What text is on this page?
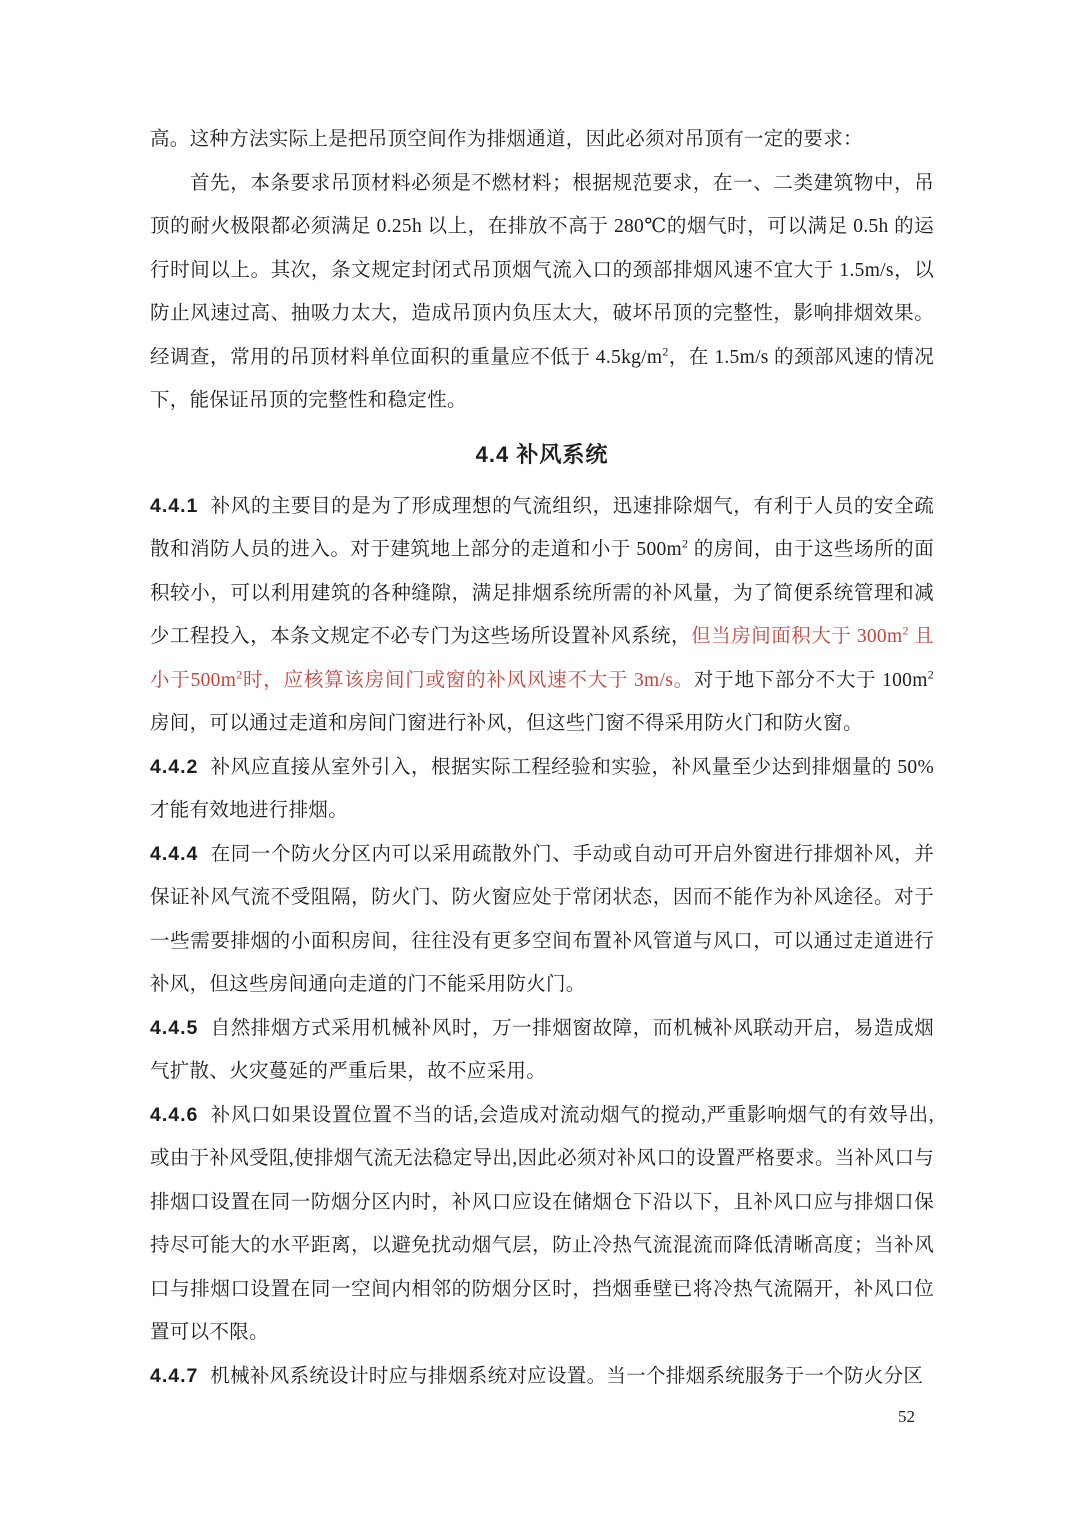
高。这种方法实际上是把吊顶空间作为排烟通道，因此必须对吊顶有一定的要求：

首先，本条要求吊顶材料必须是不燃材料；根据规范要求，在一、二类建筑物中，吊顶的耐火极限都必须满足 0.25h 以上，在排放不高于 280℃的烟气时，可以满足 0.5h 的运行时间以上。其次，条文规定封闭式吊顶烟气流入口的颈部排烟风速不宜大于 1.5m/s，以防止风速过高、抽吸力太大，造成吊顶内负压太大，破坏吊顶的完整性，影响排烟效果。经调查，常用的吊顶材料单位面积的重量应不低于 $4.5kg/m^2$，在 1.5m/s 的颈部风速的情况下，能保证吊顶的完整性和稳定性。

4.4 补风系统

4.4.1 补风的主要目的是为了形成理想的气流组织，迅速排除烟气，有利于人员的安全疏散和消防人员的进入。对于建筑地上部分的走道和小于 $500m^2$ 的房间，由于这些场所的面积较小，可以利用建筑的各种缝隙，满足排烟系统所需的补风量，为了简便系统管理和减少工程投入，本条文规定不必专门为这些场所设置补风系统，但当房间面积大于 $300m^2$ 且小于$500m^2$时，应核算该房间门或窗的补风风速不大于 3m/s。对于地下部分不大于 $100m^2$房间，可以通过走道和房间门窗进行补风，但这些门窗不得采用防火门和防火窗。

4.4.2 补风应直接从室外引入，根据实际工程经验和实验，补风量至少达到排烟量的 50%才能有效地进行排烟。

4.4.4 在同一个防火分区内可以采用疏散外门、手动或自动可开启外窗进行排烟补风，并保证补风气流不受阻隔，防火门、防火窗应处于常闭状态，因而不能作为补风途径。对于一些需要排烟的小面积房间，往往没有更多空间布置补风管道与风口，可以通过走道进行补风，但这些房间通向走道的门不能采用防火门。

4.4.5 自然排烟方式采用机械补风时，万一排烟窗故障，而机械补风联动开启，易造成烟气扩散、火灾蔓延的严重后果，故不应采用。

4.4.6 补风口如果设置位置不当的话,会造成对流动烟气的搅动,严重影响烟气的有效导出,或由于补风受阻,使排烟气流无法稳定导出,因此必须对补风口的设置严格要求。当补风口与排烟口设置在同一防烟分区内时，补风口应设在储烟仓下沿以下，且补风口应与排烟口保持尽可能大的水平距离，以避免扰动烟气层，防止冷热气流混流而降低清晰高度；当补风口与排烟口设置在同一空间内相邻的防烟分区时，挡烟垂壁已将冷热气流隔开，补风口位置可以不限。

4.4.7 机械补风系统设计时应与排烟系统对应设置。当一个排烟系统服务于一个防火分区

52
